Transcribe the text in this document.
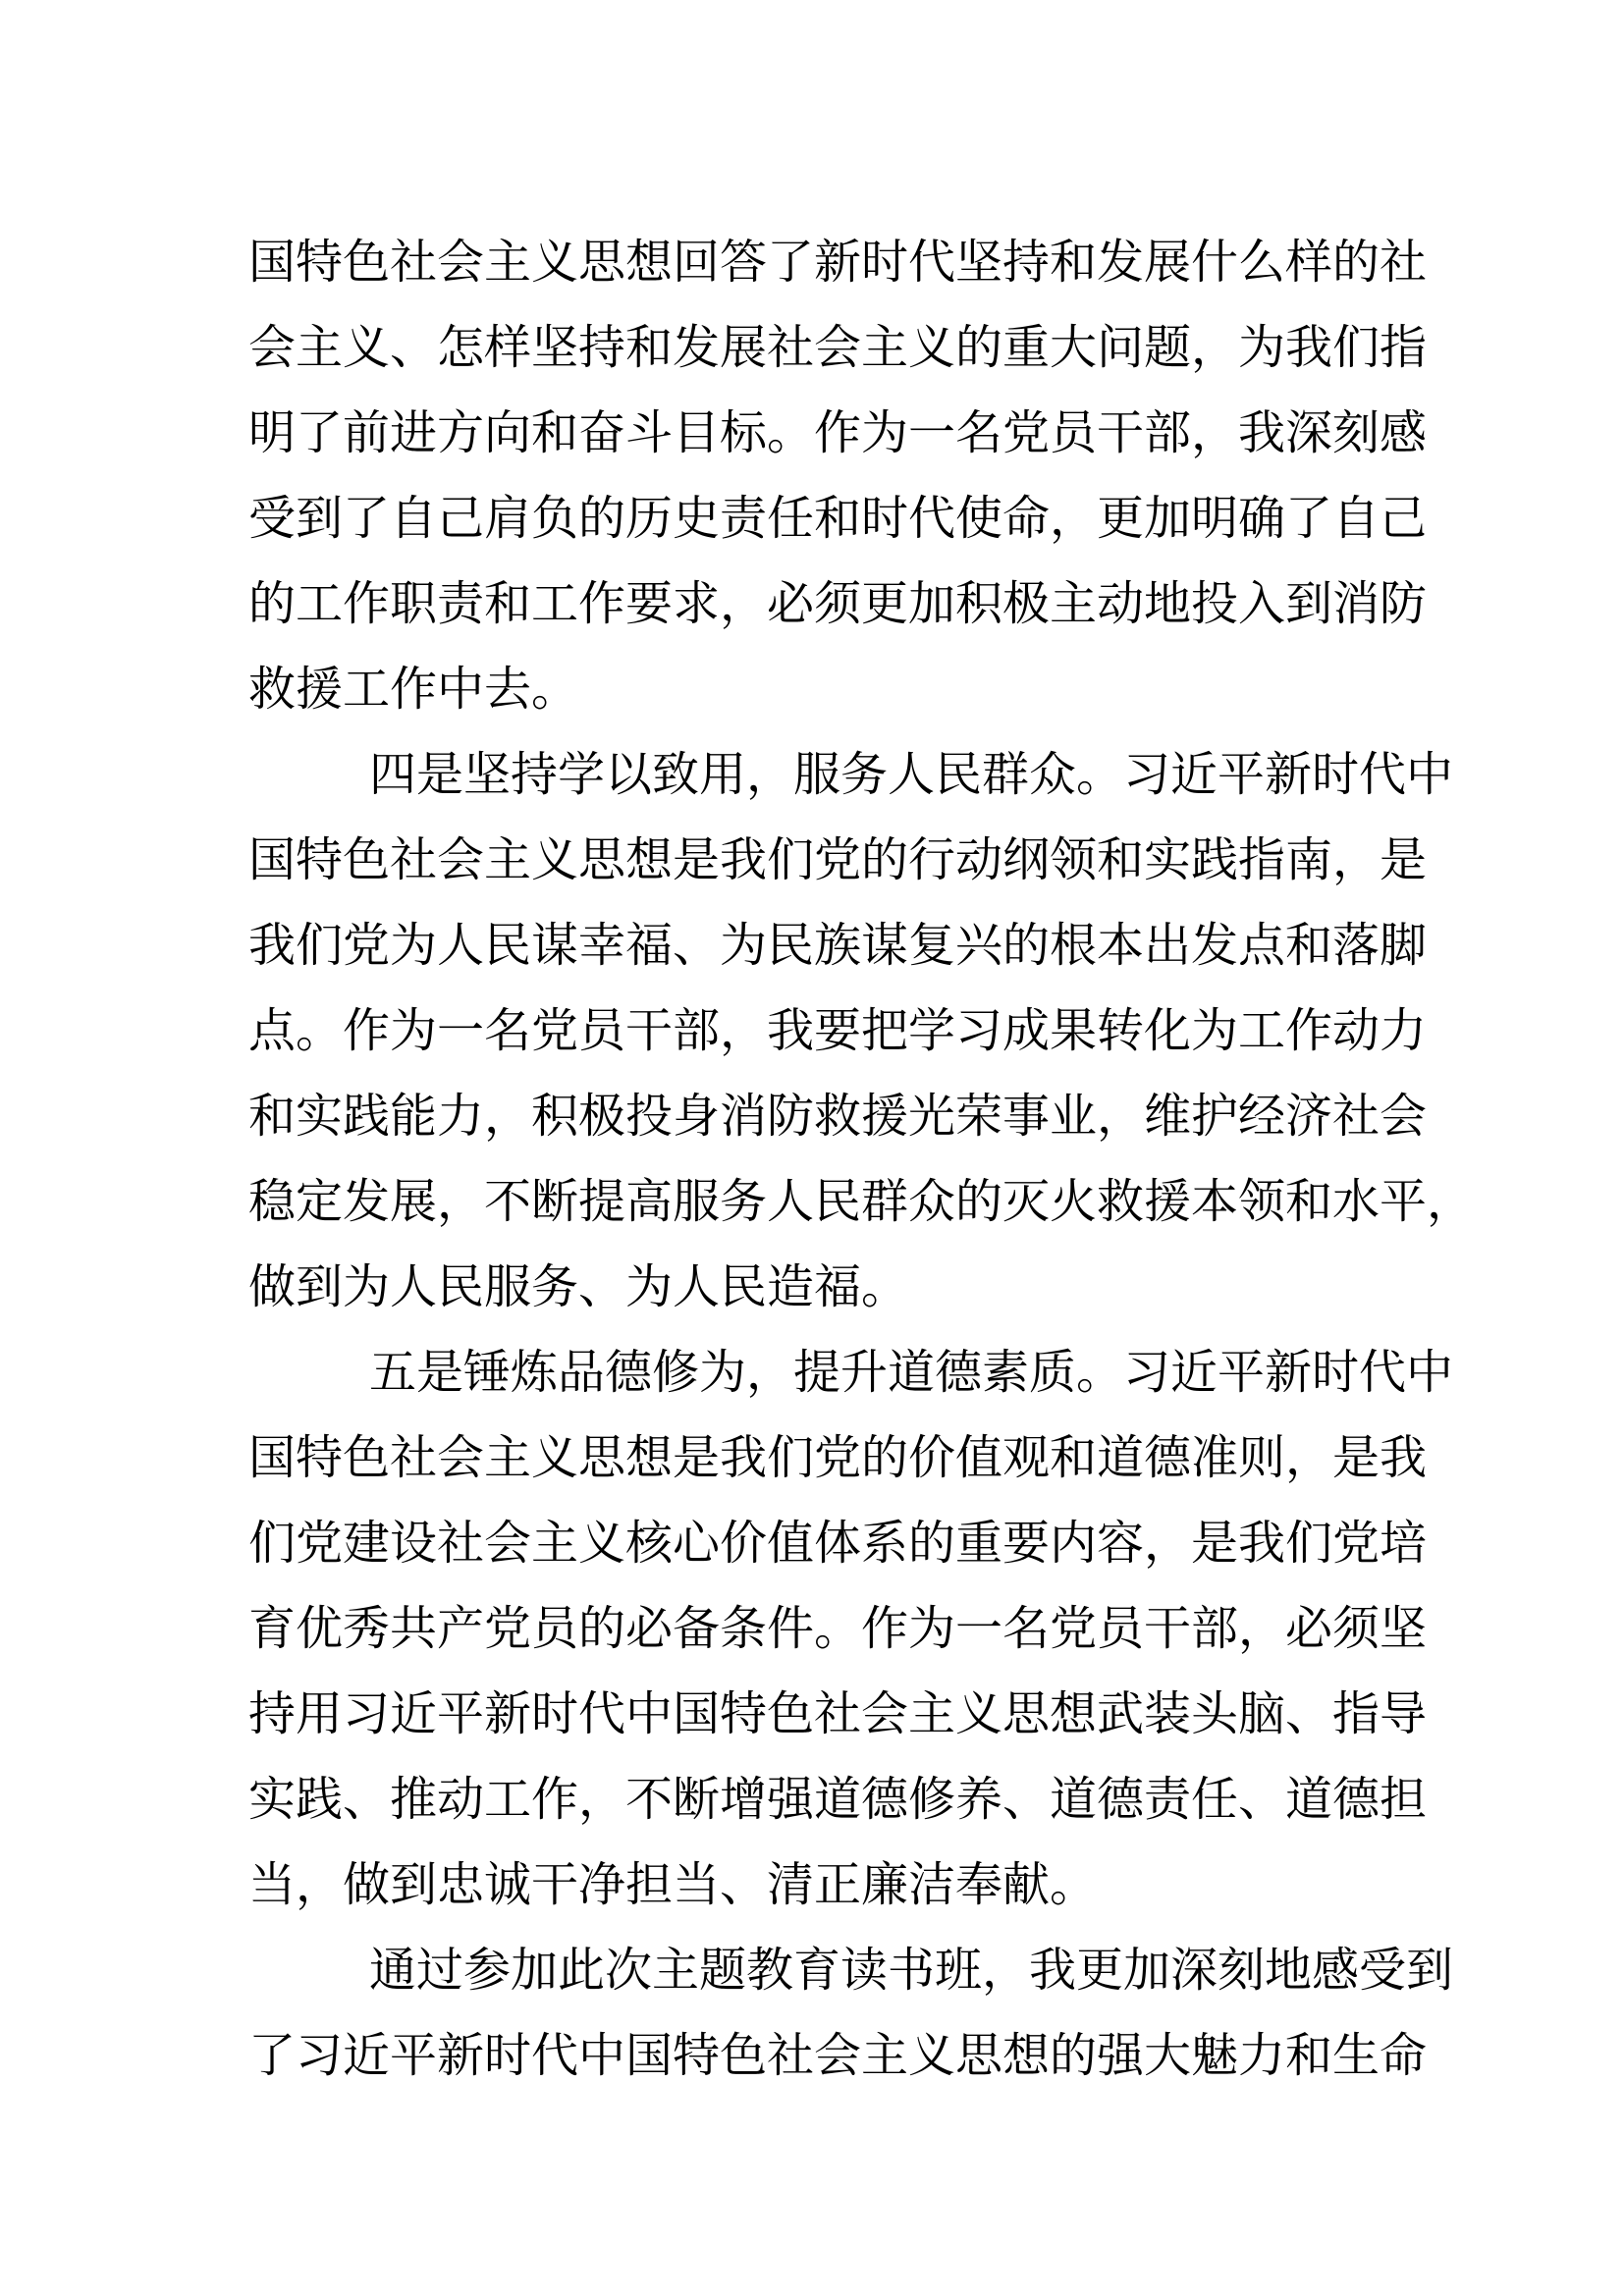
国特色社会主义思想回答了新时代坚持和发展什么样的社
会主义、怎样坚持和发展社会主义的重大问题，为我们指
明了前进方向和奋斗目标。作为一名党员干部，我深刻感
受到了自己肩负的历史责任和时代使命，更加明确了自己
的工作职责和工作要求，必须更加积极主动地投入到消防
救援工作中去。
四是坚持学以致用，服务人民群众。习近平新时代中
国特色社会主义思想是我们党的行动纲领和实践指南，是
我们党为人民谋幸福、为民族谋复兴的根本出发点和落脚
点。作为一名党员干部，我要把学习成果转化为工作动力
和实践能力，积极投身消防救援光荣事业，维护经济社会
稳定发展，不断提高服务人民群众的灭火救援本领和水平，
做到为人民服务、为人民造福。
五是锤炼品德修为，提升道德素质。习近平新时代中
国特色社会主义思想是我们党的价值观和道德准则，是我
们党建设社会主义核心价值体系的重要内容，是我们党培
育优秀共产党员的必备条件。作为一名党员干部，必须坚
持用习近平新时代中国特色社会主义思想武装头脑、指导
实践、推动工作，不断增强道德修养、道德责任、道德担
当，做到忠诚干净担当、清正廉洁奉献。
通过参加此次主题教育读书班，我更加深刻地感受到
了习近平新时代中国特色社会主义思想的强大魅力和生命
